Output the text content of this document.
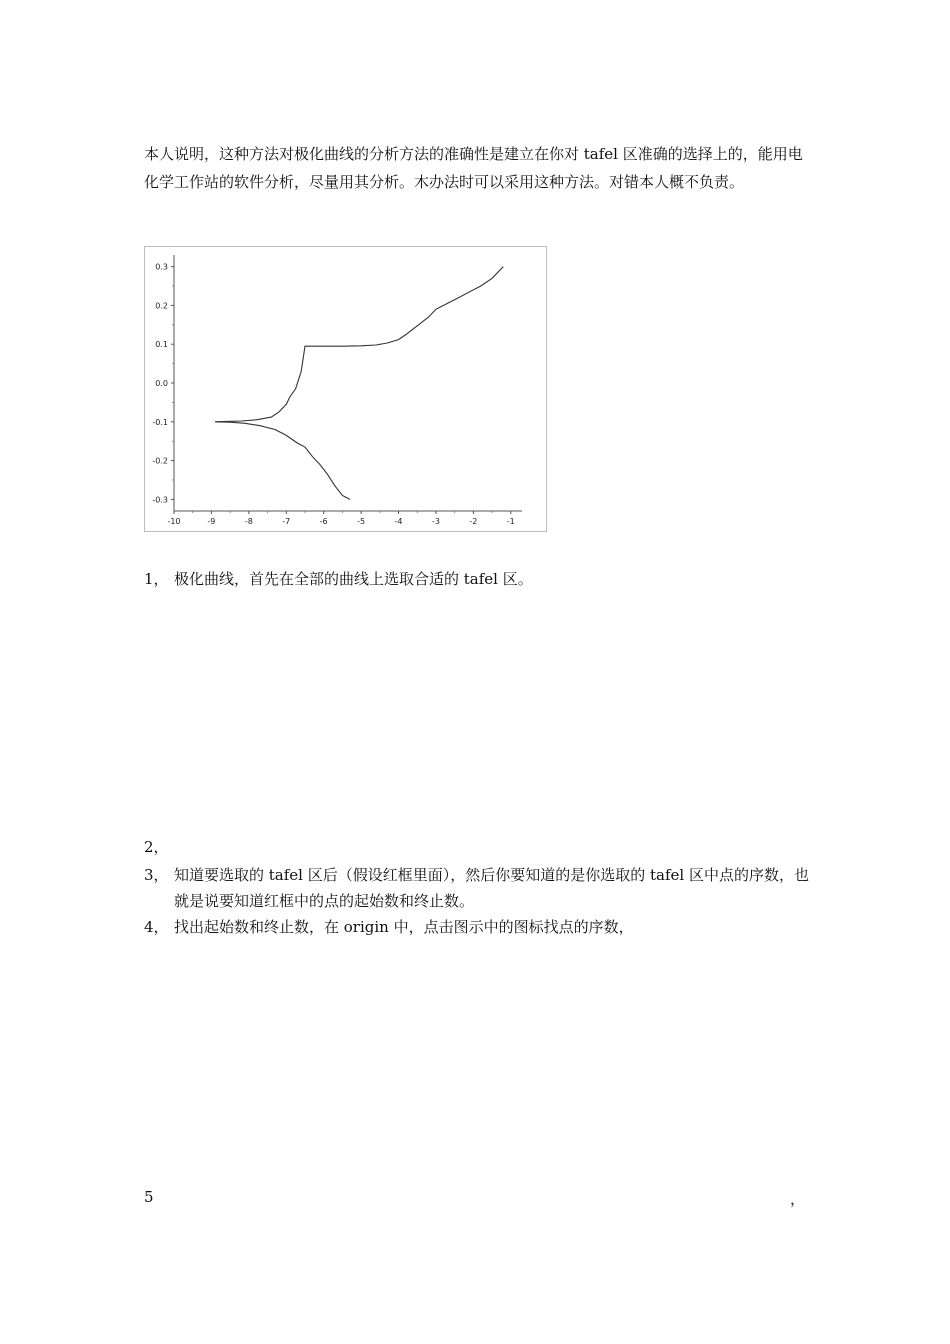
本人说明，这种方法对极化曲线的分析方法的准确性是建立在你对 tafel 区准确的选择上的，能用电化学工作站的软件分析，尽量用其分析。木办法时可以采用这种方法。对错本人概不负责。
0.3
0.2
0.1
0.0
-0.1
-0.2
-0.3
-10	-9	-8	-7	-6	-5	-4	-3	-2	-1
1， 极化曲线，首先在全部的曲线上选取合适的 tafel 区。
2，
3， 知道要选取的 tafel 区后（假设红框里面），然后你要知道的是你选取的 tafel 区中点的序数，也就是说要知道红框中的点的起始数和终止数。
4， 找出起始数和终止数，在 origin 中，点击图示中的图标找点的序数，
5	，
